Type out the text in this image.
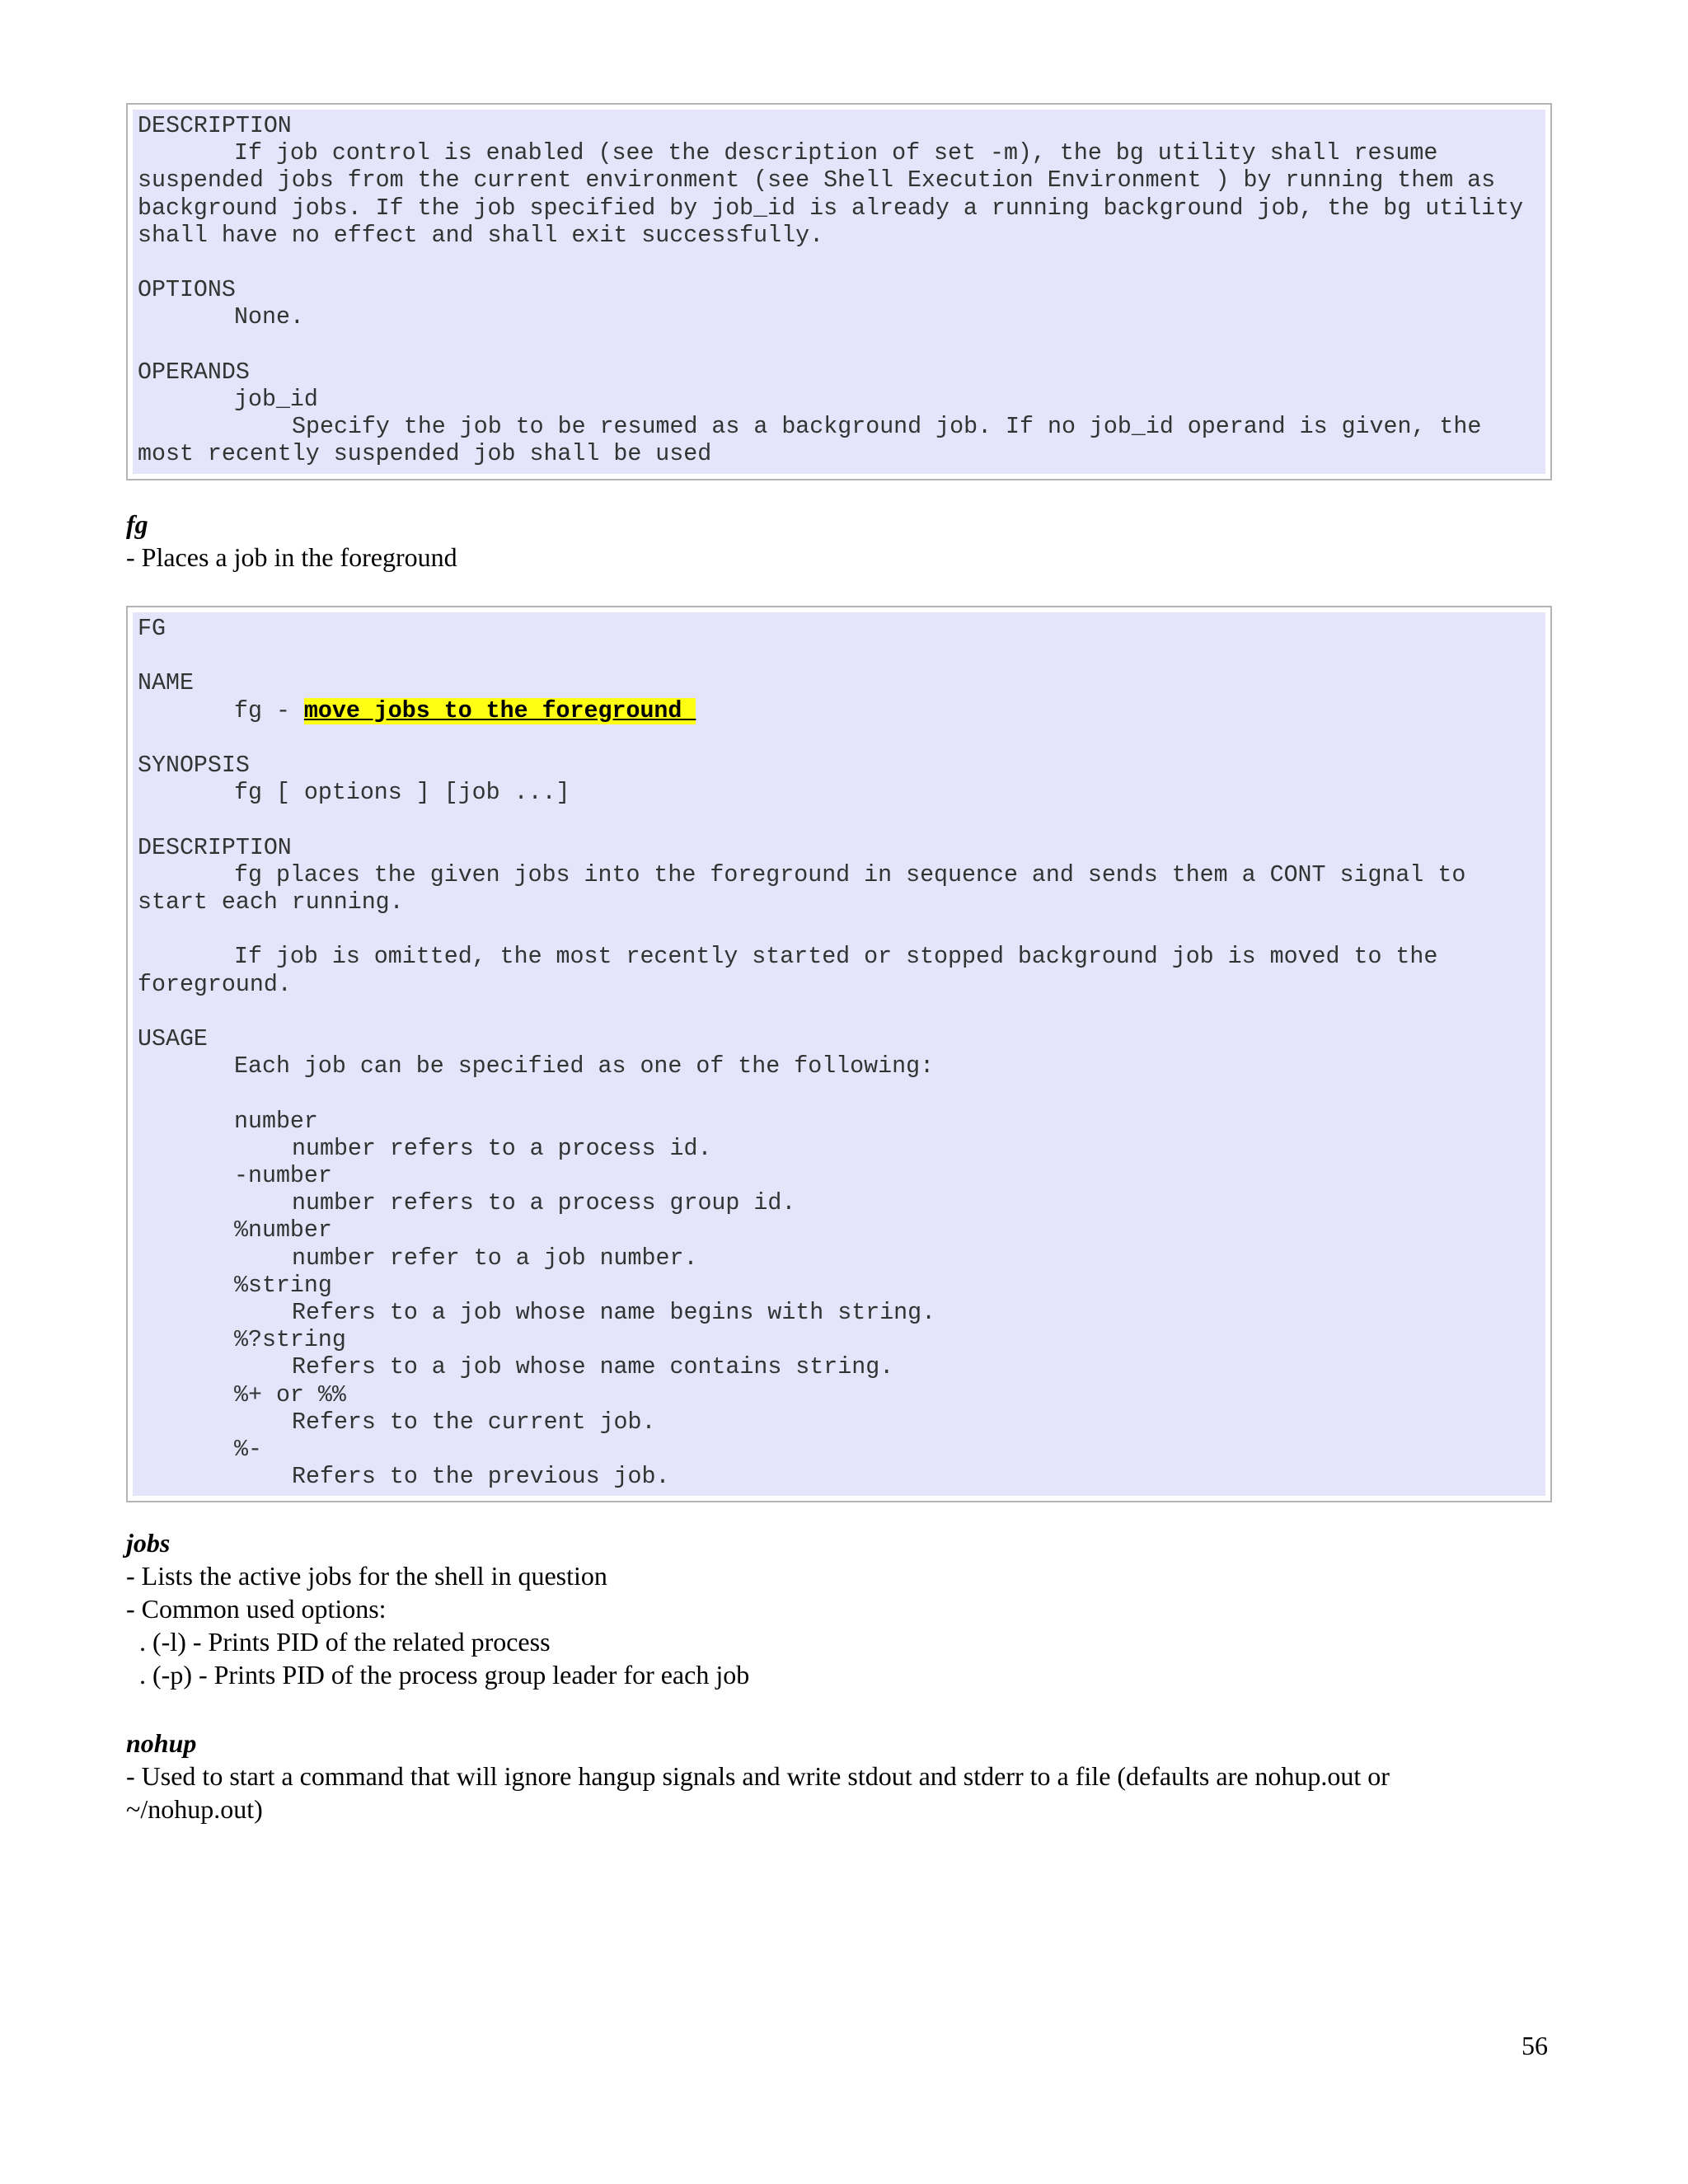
DESCRIPTION
If job control is enabled (see the description of set -m), the bg utility shall resume suspended jobs from the current environment (see Shell Execution Environment ) by running them as background jobs. If the job specified by job_id is already a running background job, the bg utility shall have no effect and shall exit successfully.
OPTIONS
None.
OPERANDS
job_id
Specify the job to be resumed as a background job. If no job_id operand is given, the most recently suspended job shall be used
fg
- Places a job in the foreground
FG
NAME
fg - move jobs to the foreground
SYNOPSIS
fg [ options ] [job ...]
DESCRIPTION
fg places the given jobs into the foreground in sequence and sends them a CONT signal to start each running.
If job is omitted, the most recently started or stopped background job is moved to the foreground.
USAGE
Each job can be specified as one of the following:
number
number refers to a process id.
-number
number refers to a process group id.
%number
number refer to a job number.
%string
Refers to a job whose name begins with string.
%?string
Refers to a job whose name contains string.
%+ or %%
Refers to the current job.
%-
Refers to the previous job.
jobs
- Lists the active jobs for the shell in question
- Common used options:
. (-l) - Prints PID of the related process
. (-p) - Prints PID of the process group leader for each job
nohup
- Used to start a command that will ignore hangup signals and write stdout and stderr to a file (defaults are nohup.out or
~/nohup.out)
56
